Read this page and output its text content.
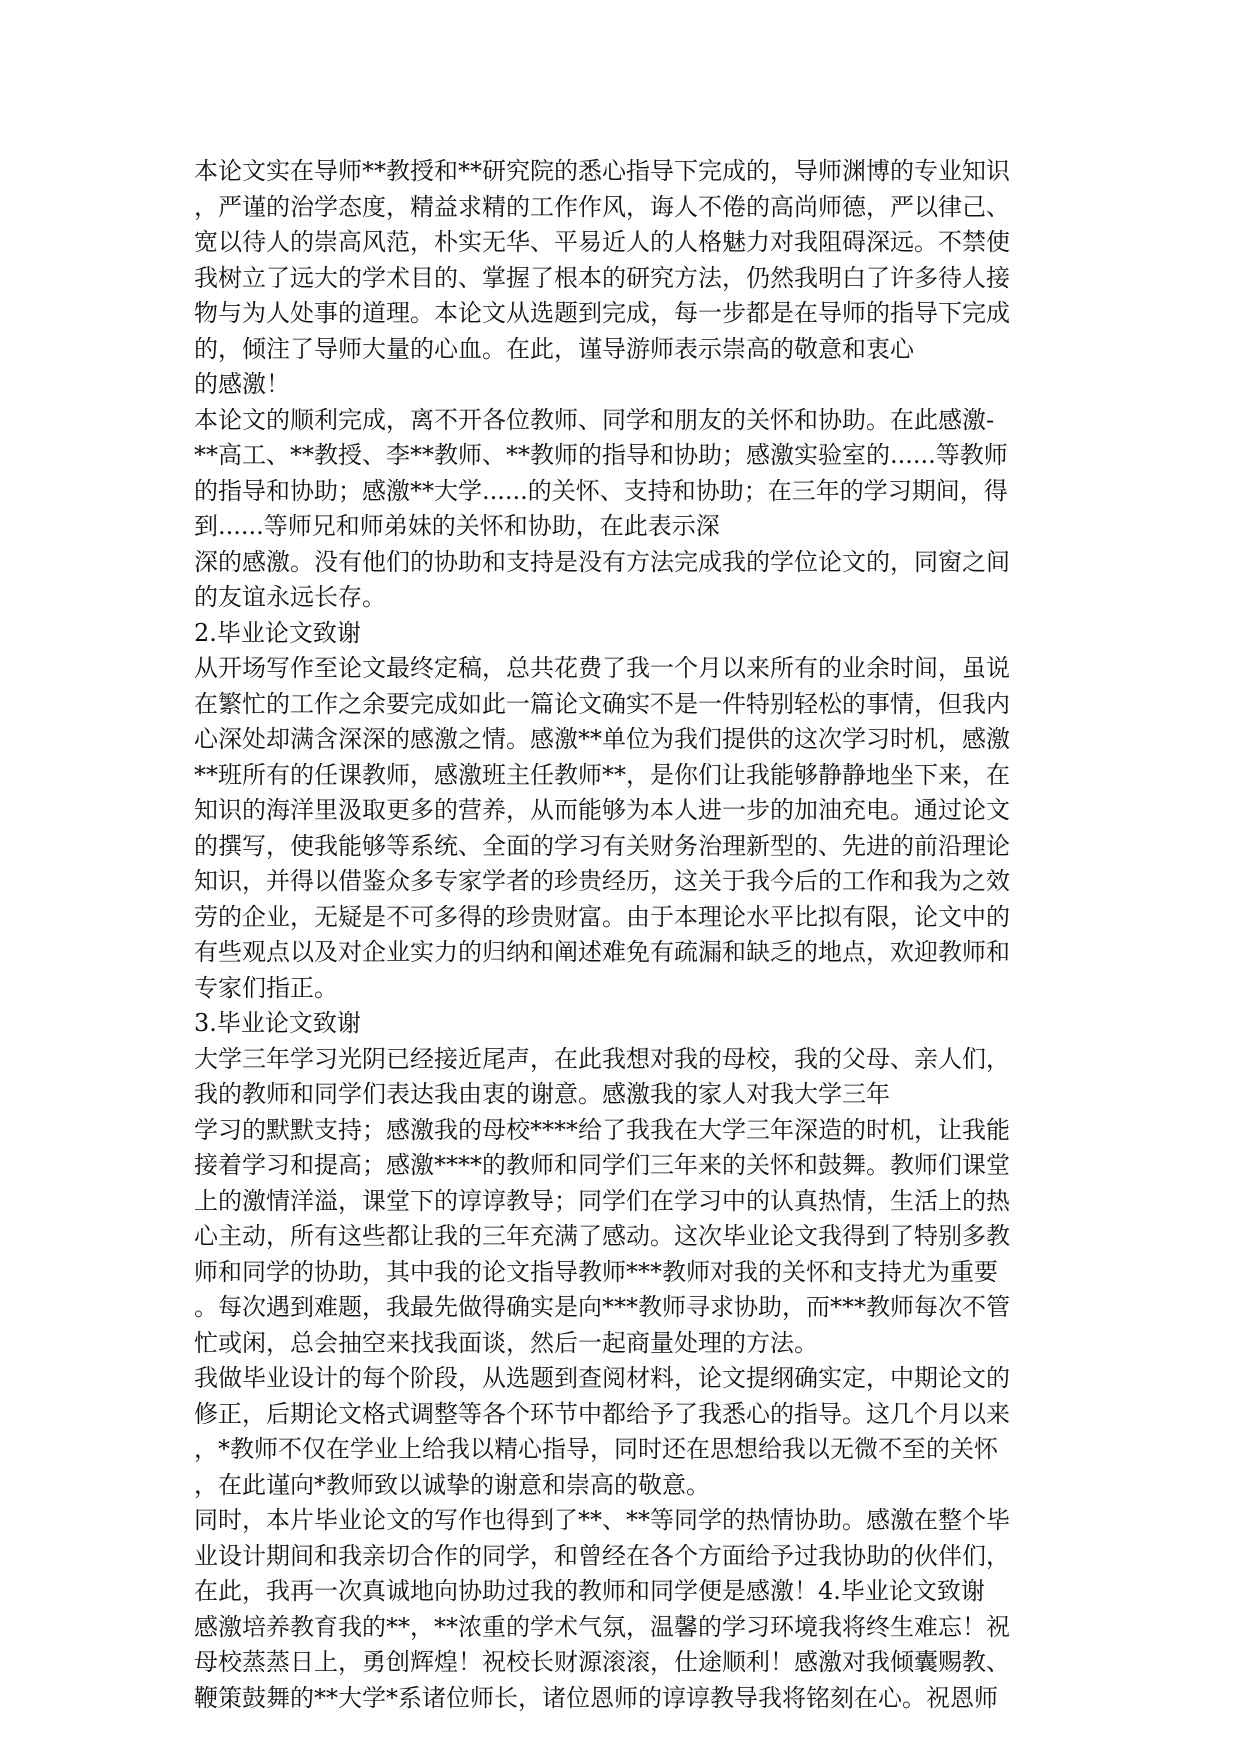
本论文实在导师**教授和**研究院的悉心指导下完成的，导师渊博的专业知识
，严谨的治学态度，精益求精的工作作风，诲人不倦的高尚师德，严以律己、
宽以待人的崇高风范，朴实无华、平易近人的人格魅力对我阻碍深远。不禁使
我树立了远大的学术目的、掌握了根本的研究方法，仍然我明白了许多待人接
物与为人处事的道理。本论文从选题到完成，每一步都是在导师的指导下完成
的，倾注了导师大量的心血。在此，谨导游师表示崇高的敬意和衷心
的感激！
本论文的顺利完成，离不开各位教师、同学和朋友的关怀和协助。在此感激-
**高工、**教授、李**教师、**教师的指导和协助；感激实验室的......等教师
的指导和协助；感激**大学......的关怀、支持和协助；在三年的学习期间，得
到......等师兄和师弟妹的关怀和协助，在此表示深
深的感激。没有他们的协助和支持是没有方法完成我的学位论文的，同窗之间
的友谊永远长存。
2.毕业论文致谢
从开场写作至论文最终定稿，总共花费了我一个月以来所有的业余时间，虽说
在繁忙的工作之余要完成如此一篇论文确实不是一件特别轻松的事情，但我内
心深处却满含深深的感激之情。感激**单位为我们提供的这次学习时机，感激
**班所有的任课教师，感激班主任教师**，是你们让我能够静静地坐下来，在
知识的海洋里汲取更多的营养，从而能够为本人进一步的加油充电。通过论文
的撰写，使我能够等系统、全面的学习有关财务治理新型的、先进的前沿理论
知识，并得以借鉴众多专家学者的珍贵经历，这关于我今后的工作和我为之效
劳的企业，无疑是不可多得的珍贵财富。由于本理论水平比拟有限，论文中的
有些观点以及对企业实力的归纳和阐述难免有疏漏和缺乏的地点，欢迎教师和
专家们指正。
3.毕业论文致谢
大学三年学习光阴已经接近尾声，在此我想对我的母校，我的父母、亲人们，
我的教师和同学们表达我由衷的谢意。感激我的家人对我大学三年
学习的默默支持；感激我的母校****给了我我在大学三年深造的时机，让我能
接着学习和提高；感激****的教师和同学们三年来的关怀和鼓舞。教师们课堂
上的激情洋溢，课堂下的谆谆教导；同学们在学习中的认真热情，生活上的热
心主动，所有这些都让我的三年充满了感动。这次毕业论文我得到了特别多教
师和同学的协助，其中我的论文指导教师***教师对我的关怀和支持尤为重要
。每次遇到难题，我最先做得确实是向***教师寻求协助，而***教师每次不管
忙或闲，总会抽空来找我面谈，然后一起商量处理的方法。
我做毕业设计的每个阶段，从选题到查阅材料，论文提纲确实定，中期论文的
修正，后期论文格式调整等各个环节中都给予了我悉心的指导。这几个月以来
，*教师不仅在学业上给我以精心指导，同时还在思想给我以无微不至的关怀
，在此谨向*教师致以诚挚的谢意和崇高的敬意。
同时，本片毕业论文的写作也得到了**、**等同学的热情协助。感激在整个毕
业设计期间和我亲切合作的同学，和曾经在各个方面给予过我协助的伙伴们，
在此，我再一次真诚地向协助过我的教师和同学便是感激！4.毕业论文致谢
感激培养教育我的**，**浓重的学术气氛，温馨的学习环境我将终生难忘！祝
母校蒸蒸日上，勇创辉煌！祝校长财源滚滚，仕途顺利！感激对我倾囊赐教、
鞭策鼓舞的**大学*系诸位师长，诸位恩师的谆谆教导我将铭刻在心。祝恩师
